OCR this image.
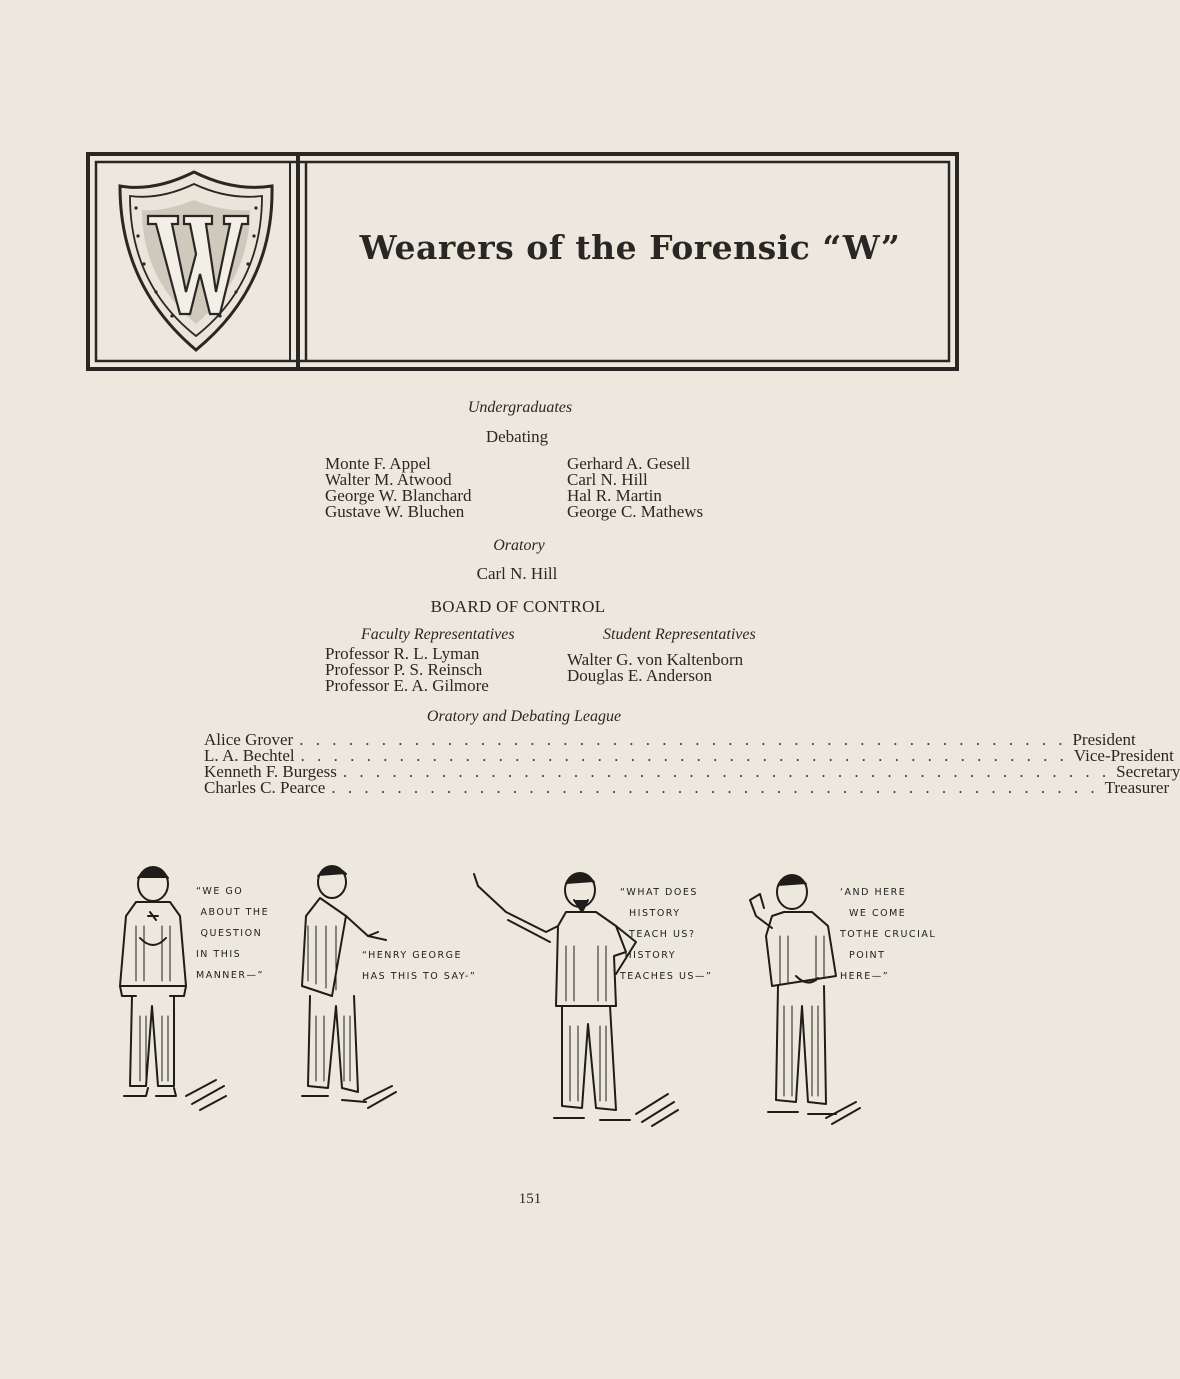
Wearers of the Forensic “W”
Undergraduates
Debating
Monte F. Appel
Walter M. Atwood
George W. Blanchard
Gustave W. Bluchen
Gerhard A. Gesell
Carl N. Hill
Hal R. Martin
George C. Mathews
Oratory
Carl N. Hill
BOARD OF CONTROL
Faculty Representatives	Student Representatives
Professor R. L. Lyman
Professor P. S. Reinsch
Professor E. A. Gilmore
Walter G. von Kaltenborn
Douglas E. Anderson
Oratory and Debating League
Alice Grover . . . . . . . . . . . . . . . . . . . . . . . . . . . . . . . . . . . . . . . . . . . . . . . President
L. A. Bechtel . . . . . . . . . . . . . . . . . . . . . . . . . . . . . . . . . . . . . . . . . . . . . . . Vice-President
Kenneth F. Burgess . . . . . . . . . . . . . . . . . . . . . . . . . . . . . . . . . . . . . . . . . . . . . . . Secretary
Charles C. Pearce . . . . . . . . . . . . . . . . . . . . . . . . . . . . . . . . . . . . . . . . . . . . . . . Treasurer
“WE GO
ABOUT THE
QUESTION
IN THIS
MANNER—”
“HENRY GEORGE
HAS THIS TO SAY-”
“WHAT DOES
HISTORY
TEACH US?
HISTORY
TEACHES US—”
‘AND HERE
WE COME
TOTHE CRUCIAL
POINT
HERE—”
151
